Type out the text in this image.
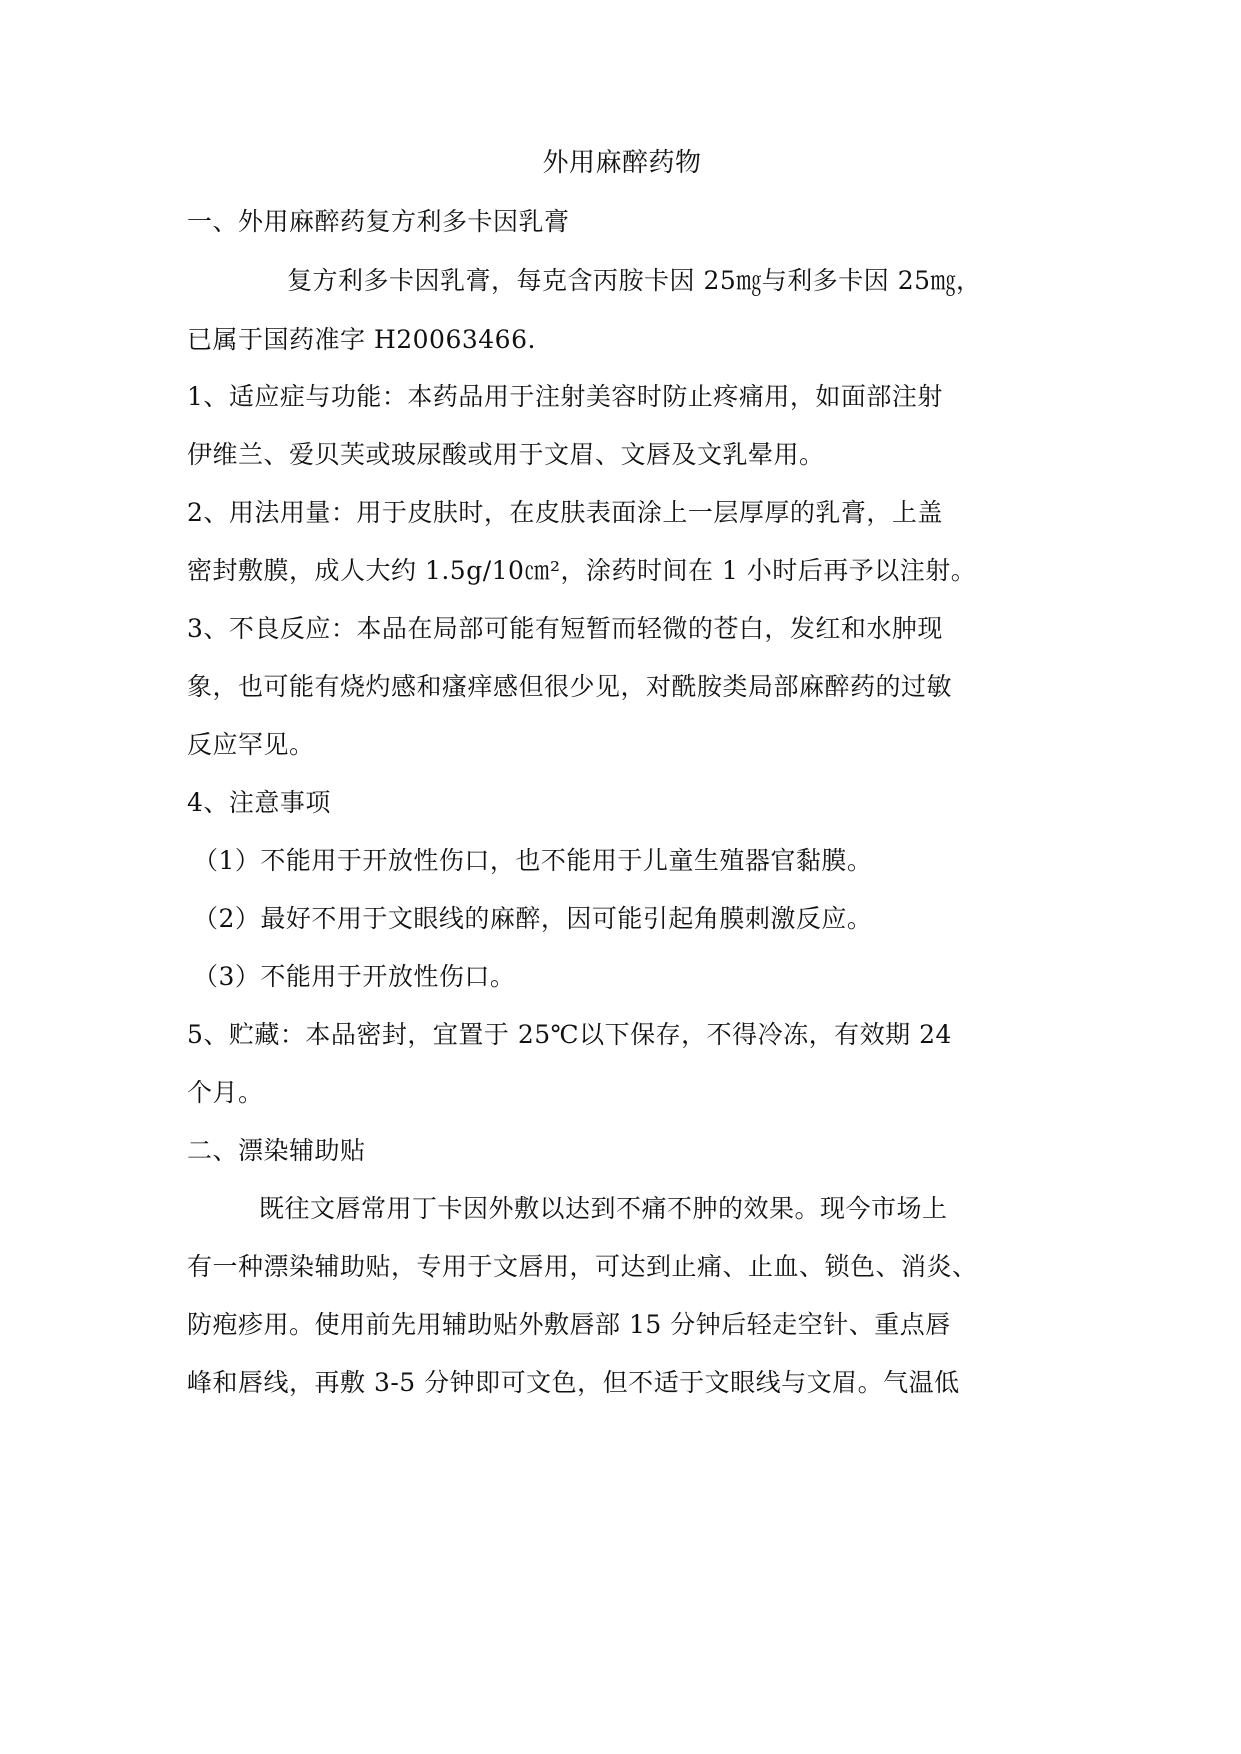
外用麻醉药物
一、外用麻醉药复方利多卡因乳膏
复方利多卡因乳膏，每克含丙胺卡因 25㎎与利多卡因 25㎎，
已属于国药准字 H20063466.
1、适应症与功能：本药品用于注射美容时防止疼痛用，如面部注射
伊维兰、爱贝芙或玻尿酸或用于文眉、文唇及文乳晕用。
2、用法用量：用于皮肤时，在皮肤表面涂上一层厚厚的乳膏，上盖
密封敷膜，成人大约 1.5g/10㎝²，涂药时间在 1 小时后再予以注射。
3、不良反应：本品在局部可能有短暂而轻微的苍白，发红和水肿现
象，也可能有烧灼感和瘙痒感但很少见，对酰胺类局部麻醉药的过敏
反应罕见。
4、注意事项
（1）不能用于开放性伤口，也不能用于儿童生殖器官黏膜。
（2）最好不用于文眼线的麻醉，因可能引起角膜刺激反应。
（3）不能用于开放性伤口。
5、贮藏：本品密封，宜置于 25℃以下保存，不得冷冻，有效期 24
个月。
二、漂染辅助贴
既往文唇常用丁卡因外敷以达到不痛不肿的效果。现今市场上
有一种漂染辅助贴，专用于文唇用，可达到止痛、止血、锁色、消炎、
防疱疹用。使用前先用辅助贴外敷唇部 15 分钟后轻走空针、重点唇
峰和唇线，再敷 3-5 分钟即可文色，但不适于文眼线与文眉。气温低
